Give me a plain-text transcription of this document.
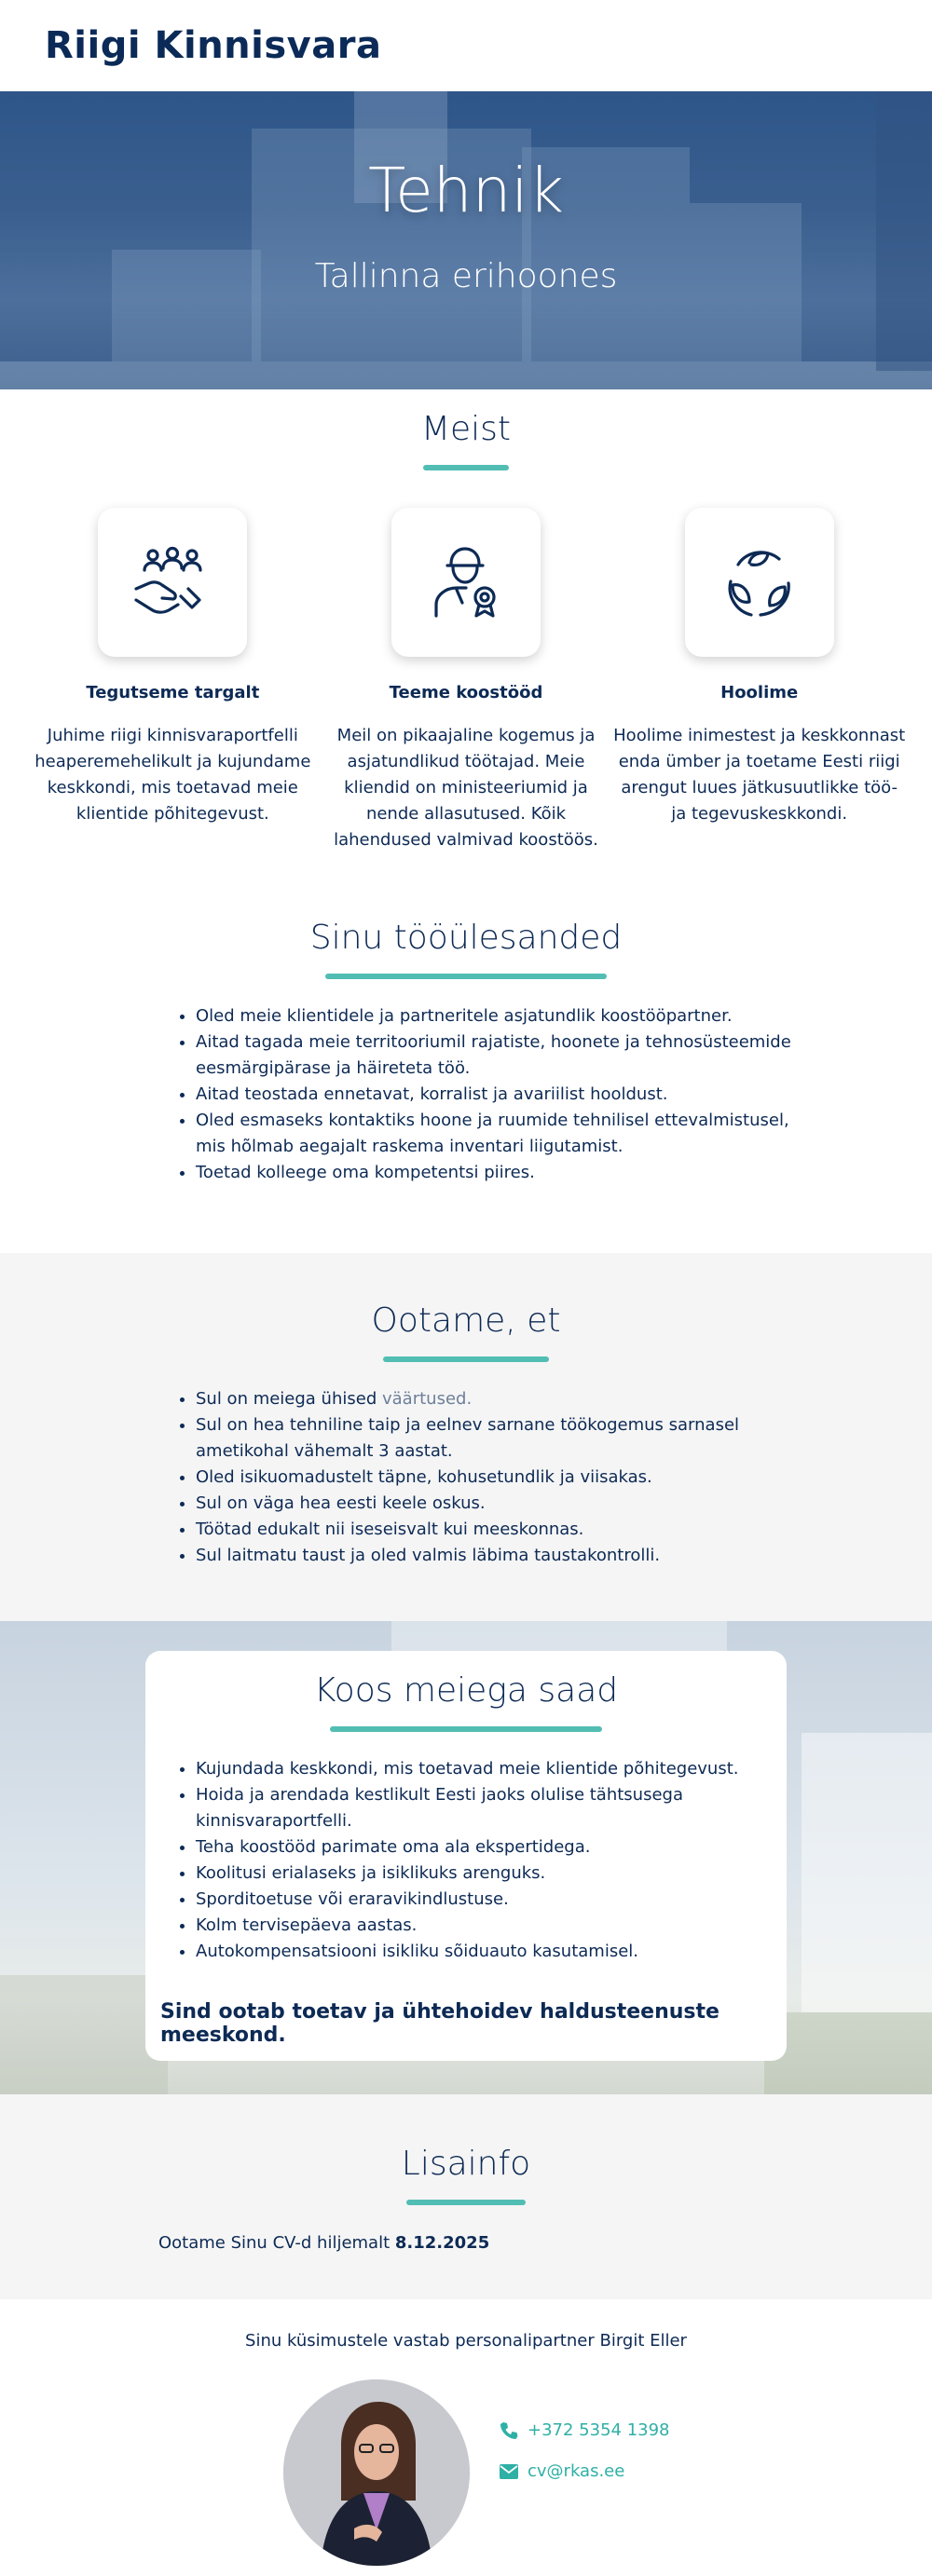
Riigi Kinnisvara
Tehnik
Tallinna erihoones
Meist
Tegutseme targalt
Juhime riigi kinnisvaraportfelli heaperemehelikult ja kujundame keskkondi, mis toetavad meie klientide põhitegevust.
Teeme koostööd
Meil on pikaajaline kogemus ja asjatundlikud töötajad. Meie kliendid on ministeeriumid ja nende allasutused. Kõik lahendused valmivad koostöös.
Hoolime
Hoolime inimestest ja keskkonnast enda ümber ja toetame Eesti riigi arengut luues jätkusuutlikke töö- ja tegevuskeskkondi.
Sinu tööülesanded
• Oled meie klientidele ja partneritele asjatundlik koostööpartner.
• Aitad tagada meie territooriumil rajatiste, hoonete ja tehnosüsteemide eesmärgipärase ja häireteta töö.
• Aitad teostada ennetavat, korralist ja avariilist hooldust.
• Oled esmaseks kontaktiks hoone ja ruumide tehnilisel ettevalmistusel, mis hõlmab aegajalt raskema inventari liigutamist.
• Toetad kolleege oma kompetentsi piires.
Ootame, et
• Sul on meiega ühised väärtused.
• Sul on hea tehniline taip ja eelnev sarnane töökogemus sarnasel ametikohal vähemalt 3 aastat.
• Oled isikuomadustelt täpne, kohusetundlik ja viisakas.
• Sul on väga hea eesti keele oskus.
• Töötad edukalt nii iseseisvalt kui meeskonnas.
• Sul laitmatu taust ja oled valmis läbima taustakontrolli.
Koos meiega saad
• Kujundada keskkondi, mis toetavad meie klientide põhitegevust.
• Hoida ja arendada kestlikult Eesti jaoks olulise tähtsusega kinnisvaraportfelli.
• Teha koostööd parimate oma ala ekspertidega.
• Koolitusi erialaseks ja isiklikuks arenguks.
• Sporditoetuse või eraravikindlustuse.
• Kolm tervisepäeva aastas.
• Autokompensatsiooni isikliku sõiduauto kasutamisel.
Sind ootab toetav ja ühtehoidev haldusteenuste meeskond.
Lisainfo
Ootame Sinu CV-d hiljemalt 8.12.2025
Sinu küsimustele vastab personalipartner Birgit Eller
+372 5354 1398
cv@rkas.ee
